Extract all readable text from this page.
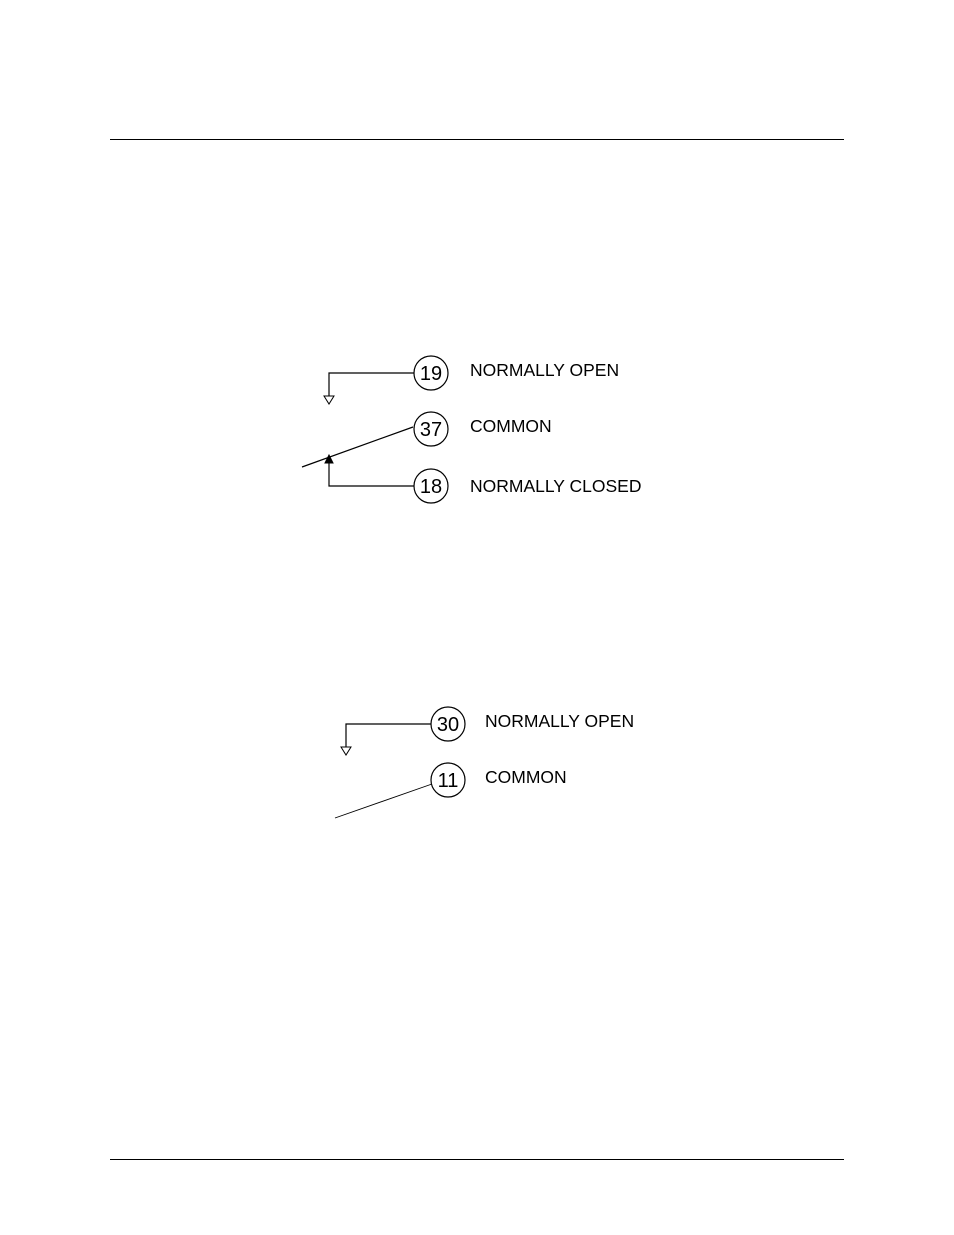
19
37
18
NORMALLY OPEN
COMMON
NORMALLY CLOSED
30
11
NORMALLY OPEN
COMMON
